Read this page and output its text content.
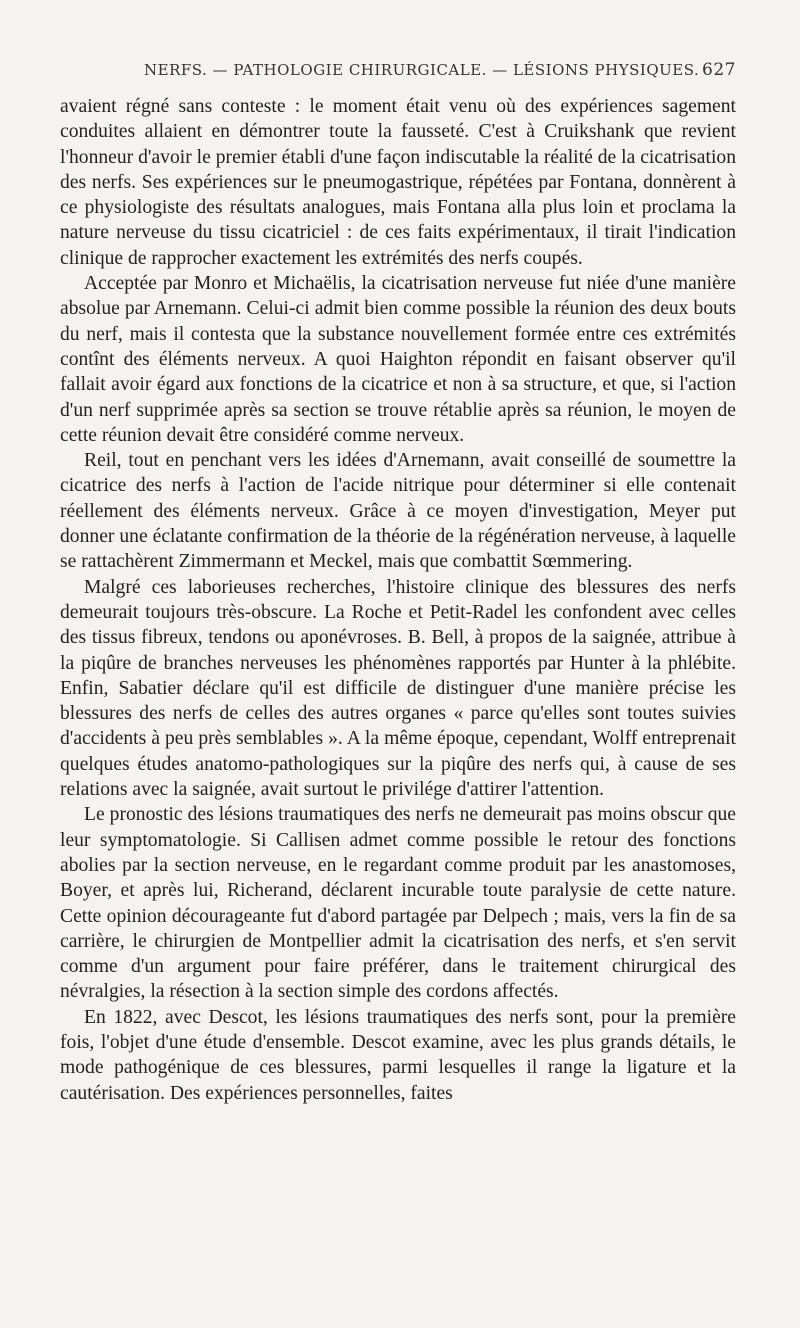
NERFS. — PATHOLOGIE CHIRURGICALE. — LÉSIONS PHYSIQUES. 627

avaient régné sans conteste : le moment était venu où des expériences sagement conduites allaient en démontrer toute la fausseté. C'est à Cruikshank que revient l'honneur d'avoir le premier établi d'une façon indiscutable la réalité de la cicatrisation des nerfs. Ses expériences sur le pneumogastrique, répétées par Fontana, donnèrent à ce physiologiste des résultats analogues, mais Fontana alla plus loin et proclama la nature nerveuse du tissu cicatriciel : de ces faits expérimentaux, il tirait l'indication clinique de rapprocher exactement les extrémités des nerfs coupés.

Acceptée par Monro et Michaëlis, la cicatrisation nerveuse fut niée d'une manière absolue par Arnemann. Celui-ci admit bien comme possible la réunion des deux bouts du nerf, mais il contesta que la substance nouvellement formée entre ces extrémités contînt des éléments nerveux. A quoi Haighton répondit en faisant observer qu'il fallait avoir égard aux fonctions de la cicatrice et non à sa structure, et que, si l'action d'un nerf supprimée après sa section se trouve rétablie après sa réunion, le moyen de cette réunion devait être considéré comme nerveux.

Reil, tout en penchant vers les idées d'Arnemann, avait conseillé de soumettre la cicatrice des nerfs à l'action de l'acide nitrique pour déterminer si elle contenait réellement des éléments nerveux. Grâce à ce moyen d'investigation, Meyer put donner une éclatante confirmation de la théorie de la régénération nerveuse, à laquelle se rattachèrent Zimmermann et Meckel, mais que combattit Sœmmering.

Malgré ces laborieuses recherches, l'histoire clinique des blessures des nerfs demeurait toujours très-obscure. La Roche et Petit-Radel les confondent avec celles des tissus fibreux, tendons ou aponévroses. B. Bell, à propos de la saignée, attribue à la piqûre de branches nerveuses les phénomènes rapportés par Hunter à la phlébite. Enfin, Sabatier déclare qu'il est difficile de distinguer d'une manière précise les blessures des nerfs de celles des autres organes « parce qu'elles sont toutes suivies d'accidents à peu près semblables ». A la même époque, cependant, Wolff entreprenait quelques études anatomo-pathologiques sur la piqûre des nerfs qui, à cause de ses relations avec la saignée, avait surtout le privilége d'attirer l'attention.

Le pronostic des lésions traumatiques des nerfs ne demeurait pas moins obscur que leur symptomatologie. Si Callisen admet comme possible le retour des fonctions abolies par la section nerveuse, en le regardant comme produit par les anastomoses, Boyer, et après lui, Richerand, déclarent incurable toute paralysie de cette nature. Cette opinion décourageante fut d'abord partagée par Delpech ; mais, vers la fin de sa carrière, le chirurgien de Montpellier admit la cicatrisation des nerfs, et s'en servit comme d'un argument pour faire préférer, dans le traitement chirurgical des névralgies, la résection à la section simple des cordons affectés.

En 1822, avec Descot, les lésions traumatiques des nerfs sont, pour la première fois, l'objet d'une étude d'ensemble. Descot examine, avec les plus grands détails, le mode pathogénique de ces blessures, parmi lesquelles il range la ligature et la cautérisation. Des expériences personnelles, faites
